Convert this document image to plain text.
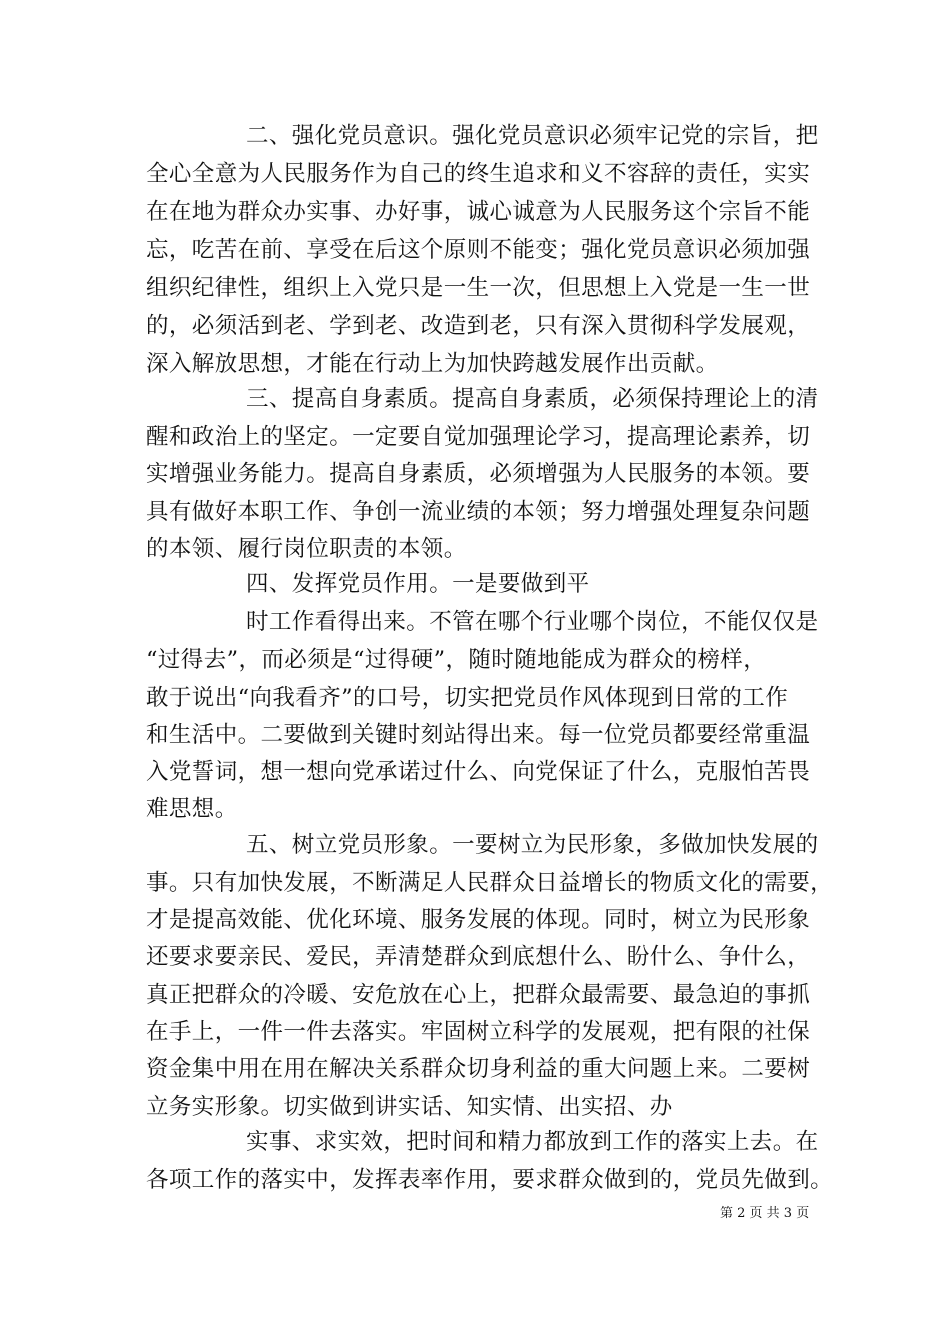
二、强化党员意识。强化党员意识必须牢记党的宗旨，把
全心全意为人民服务作为自己的终生追求和义不容辞的责任，实实
在在地为群众办实事、办好事，诚心诚意为人民服务这个宗旨不能
忘，吃苦在前、享受在后这个原则不能变；强化党员意识必须加强
组织纪律性，组织上入党只是一生一次，但思想上入党是一生一世
的，必须活到老、学到老、改造到老，只有深入贯彻科学发展观，
深入解放思想，才能在行动上为加快跨越发展作出贡献。
三、提高自身素质。提高自身素质，必须保持理论上的清
醒和政治上的坚定。一定要自觉加强理论学习，提高理论素养，切
实增强业务能力。提高自身素质，必须增强为人民服务的本领。要
具有做好本职工作、争创一流业绩的本领；努力增强处理复杂问题
的本领、履行岗位职责的本领。
四、发挥党员作用。一是要做到平
时工作看得出来。不管在哪个行业哪个岗位，不能仅仅是
“过得去”，而必须是“过得硬”，随时随地能成为群众的榜样，
敢于说出“向我看齐”的口号，切实把党员作风体现到日常的工作
和生活中。二要做到关键时刻站得出来。每一位党员都要经常重温
入党誓词，想一想向党承诺过什么、向党保证了什么，克服怕苦畏
难思想。
五、树立党员形象。一要树立为民形象，多做加快发展的
事。只有加快发展，不断满足人民群众日益增长的物质文化的需要，
才是提高效能、优化环境、服务发展的体现。同时，树立为民形象
还要求要亲民、爱民，弄清楚群众到底想什么、盼什么、争什么，
真正把群众的冷暖、安危放在心上，把群众最需要、最急迫的事抓
在手上，一件一件去落实。牢固树立科学的发展观，把有限的社保
资金集中用在用在解决关系群众切身利益的重大问题上来。二要树
立务实形象。切实做到讲实话、知实情、出实招、办
实事、求实效，把时间和精力都放到工作的落实上去。在
各项工作的落实中，发挥表率作用，要求群众做到的，党员先做到。
第 2 页 共 3 页
